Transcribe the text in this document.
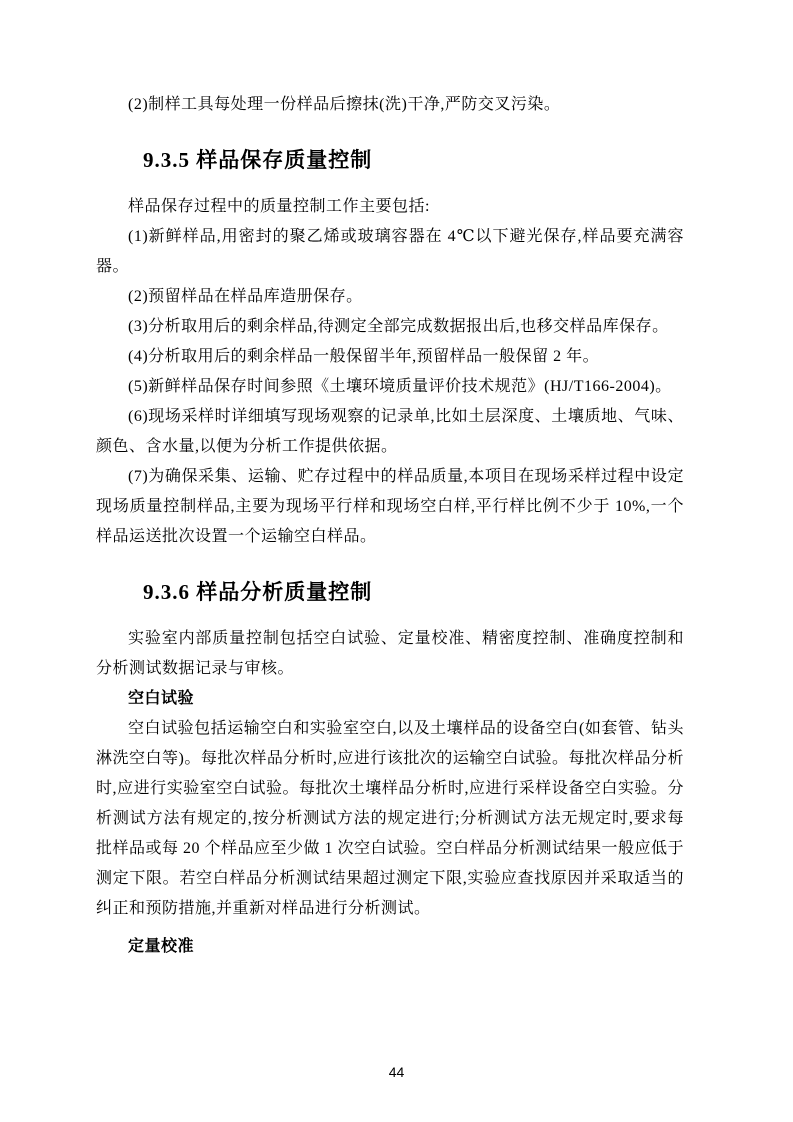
(2)制样工具每处理一份样品后擦抹(洗)干净,严防交叉污染。

9.3.5 样品保存质量控制

样品保存过程中的质量控制工作主要包括:

(1)新鲜样品,用密封的聚乙烯或玻璃容器在 4℃以下避光保存,样品要充满容器。

(2)预留样品在样品库造册保存。

(3)分析取用后的剩余样品,待测定全部完成数据报出后,也移交样品库保存。

(4)分析取用后的剩余样品一般保留半年,预留样品一般保留 2 年。

(5)新鲜样品保存时间参照《土壤环境质量评价技术规范》(HJ/T166-2004)。

(6)现场采样时详细填写现场观察的记录单,比如土层深度、土壤质地、气味、颜色、含水量,以便为分析工作提供依据。

(7)为确保采集、运输、贮存过程中的样品质量,本项目在现场采样过程中设定现场质量控制样品,主要为现场平行样和现场空白样,平行样比例不少于 10%,一个样品运送批次设置一个运输空白样品。

9.3.6 样品分析质量控制

实验室内部质量控制包括空白试验、定量校准、精密度控制、准确度控制和分析测试数据记录与审核。

空白试验

空白试验包括运输空白和实验室空白,以及土壤样品的设备空白(如套管、钻头淋洗空白等)。每批次样品分析时,应进行该批次的运输空白试验。每批次样品分析时,应进行实验室空白试验。每批次土壤样品分析时,应进行采样设备空白实验。分析测试方法有规定的,按分析测试方法的规定进行;分析测试方法无规定时,要求每批样品或每 20 个样品应至少做 1 次空白试验。空白样品分析测试结果一般应低于测定下限。若空白样品分析测试结果超过测定下限,实验应查找原因并采取适当的纠正和预防措施,并重新对样品进行分析测试。

定量校准

44
